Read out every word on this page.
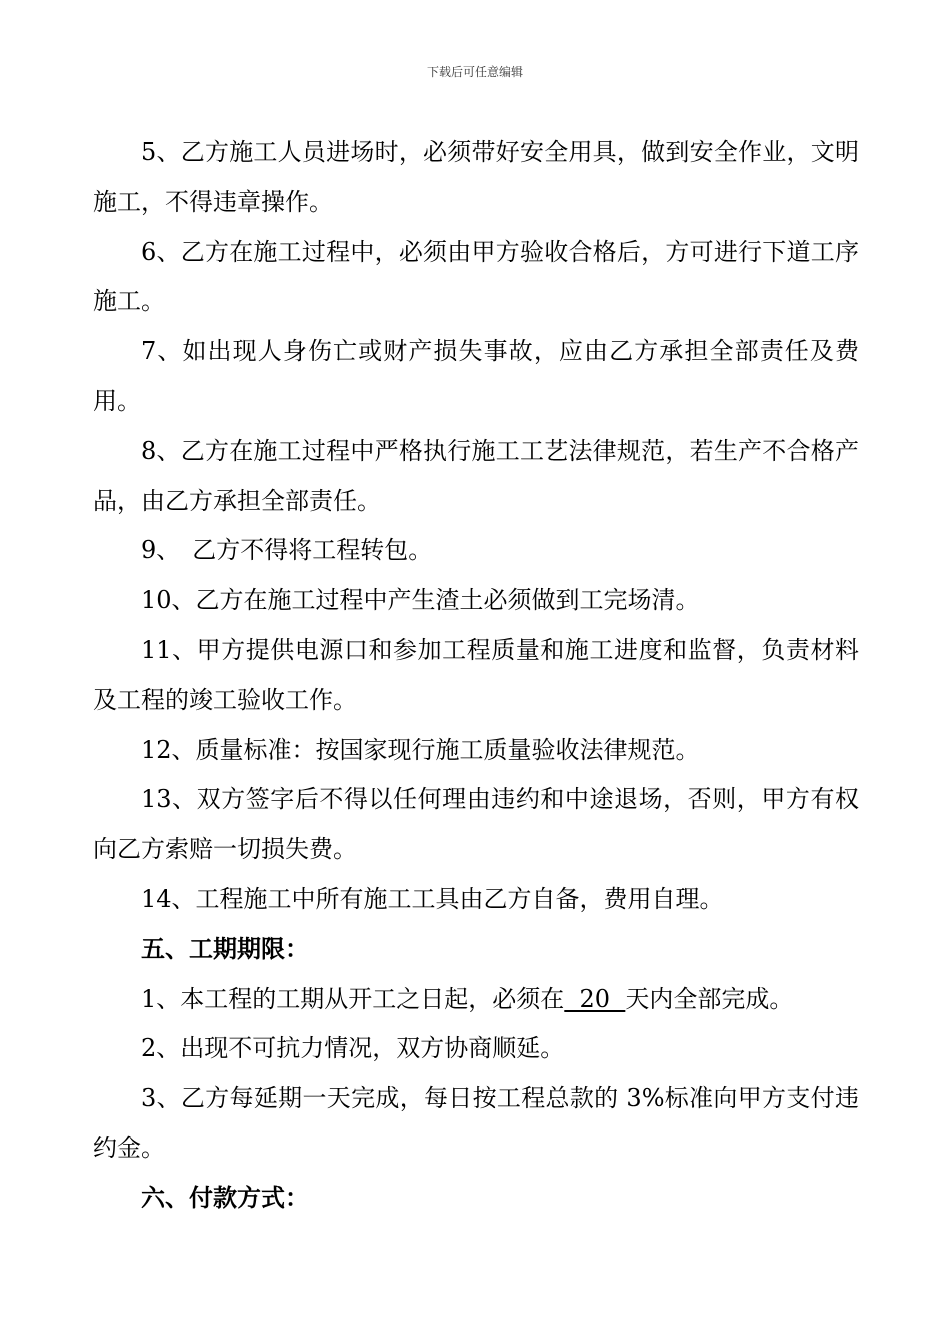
下载后可任意编辑

5、乙方施工人员进场时，必须带好安全用具，做到安全作业，文明施工，不得违章操作。

6、乙方在施工过程中，必须由甲方验收合格后，方可进行下道工序施工。

7、如出现人身伤亡或财产损失事故，应由乙方承担全部责任及费用。

8、乙方在施工过程中严格执行施工工艺法律规范，若生产不合格产品，由乙方承担全部责任。

9、　乙方不得将工程转包。

10、乙方在施工过程中产生渣土必须做到工完场清。

11、甲方提供电源口和参加工程质量和施工进度和监督，负责材料及工程的竣工验收工作。

12、质量标准：按国家现行施工质量验收法律规范。

13、双方签字后不得以任何理由违约和中途退场，否则，甲方有权向乙方索赔一切损失费。

14、工程施工中所有施工工具由乙方自备，费用自理。

五、工期期限：

1、本工程的工期从开工之日起，必须在  20  天内全部完成。

2、出现不可抗力情况，双方协商顺延。

3、乙方每延期一天完成，每日按工程总款的 3%标准向甲方支付违约金。

六、付款方式：
